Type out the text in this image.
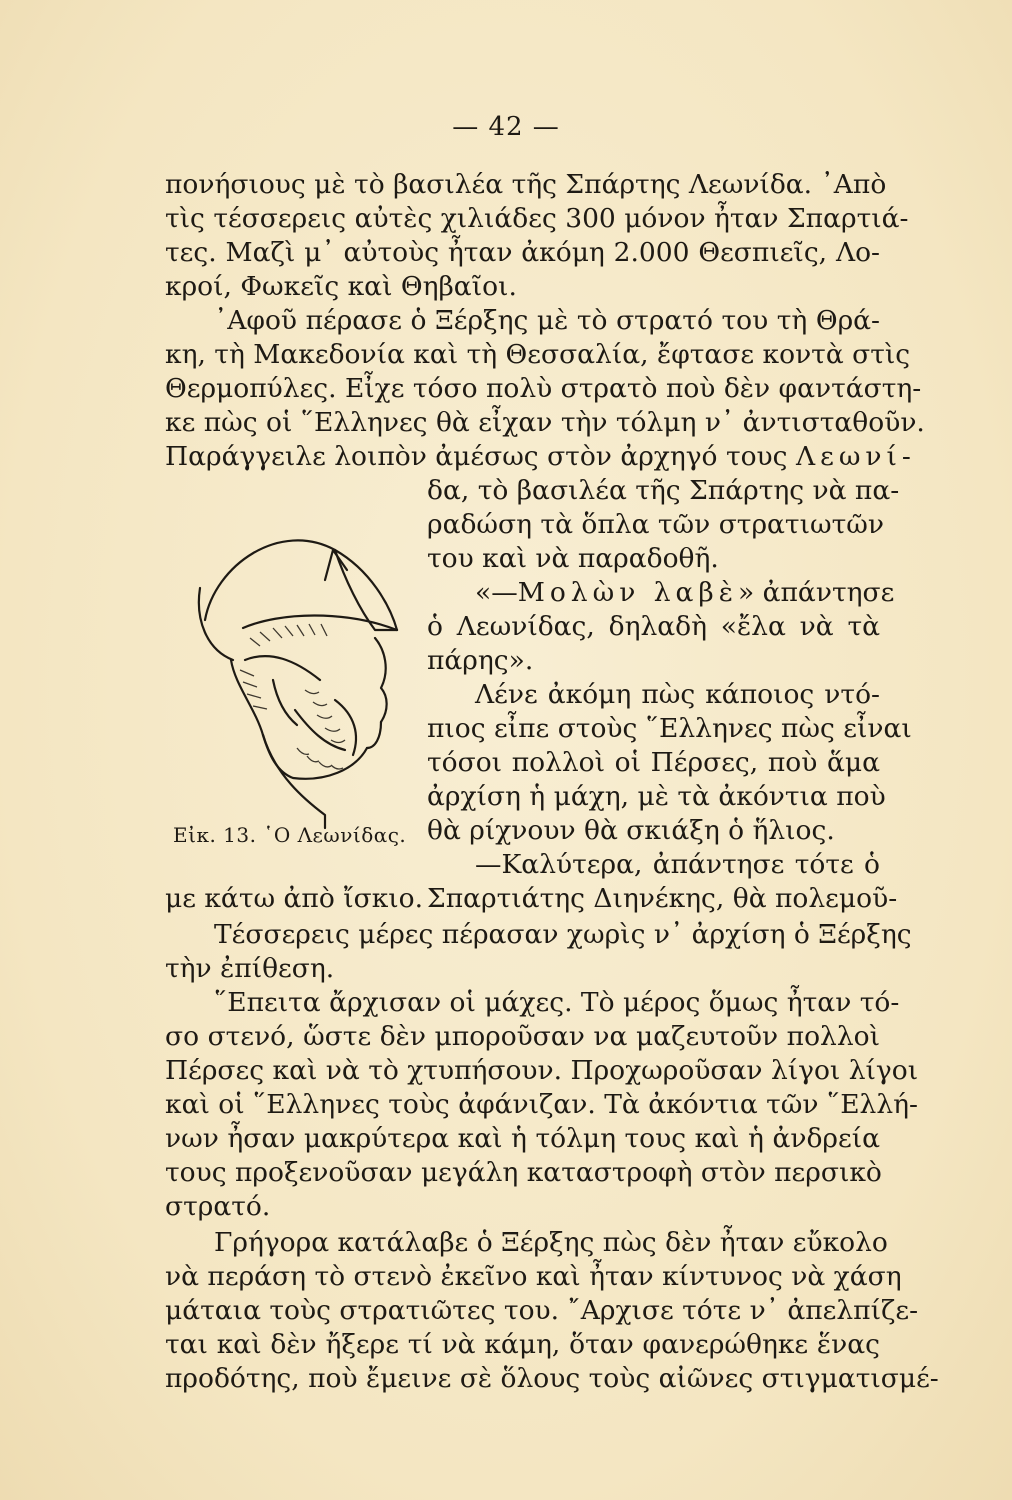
— 42 —
πονήσιους μὲ τὸ βασιλέα τῆς Σπάρτης Λεωνίδα. ᾽Απὸ
τὶς τέσσερεις αὐτὲς χιλιάδες 300 μόνον ἦταν Σπαρτιά-
τες. Μαζὶ μ᾽ αὐτοὺς ἦταν ἀκόμη 2.000 Θεσπιεῖς, Λο-
κροί, Φωκεῖς καὶ Θηβαῖοι.
᾽Αφοῦ πέρασε ὁ Ξέρξης μὲ τὸ στρατό του τὴ Θρά-
κη, τὴ Μακεδονία καὶ τὴ Θεσσαλία, ἔφτασε κοντὰ στὶς
Θερμοπύλες. Εἶχε τόσο πολὺ στρατὸ ποὺ δὲν φαντάστη-
κε πὼς οἱ ῞Ελληνες θὰ εἶχαν τὴν τόλμη ν᾽ ἀντισταθοῦν.
Παράγγειλε λοιπὸν ἀμέσως στὸν ἀρχηγό τους Λεωνί-
δα, τὸ βασιλέα τῆς Σπάρτης νὰ πα-
ραδώση τὰ ὅπλα τῶν στρατιωτῶν
του καὶ νὰ παραδοθῆ.
«—Μολὼν λαβὲ» ἀπάντησε
ὁ Λεωνίδας, δηλαδὴ «ἔλα νὰ τὰ
πάρης».
Λένε ἀκόμη πὼς κάποιος ντό-
πιος εἶπε στοὺς ῞Ελληνες πὼς εἶναι
τόσοι πολλοὶ οἱ Πέρσες, ποὺ ἅμα
ἀρχίση ἡ μάχη, μὲ τὰ ἀκόντια ποὺ
θὰ ρίχνουν θὰ σκιάξη ὁ ἥλιος.
—Καλύτερα, ἀπάντησε τότε ὁ
Σπαρτιάτης Διηνέκης, θὰ πολεμοῦ-
Εἰκ. 13. ῾Ο Λεωνίδας.
με κάτω ἀπὸ ἴσκιο.
Τέσσερεις μέρες πέρασαν χωρὶς ν᾽ ἀρχίση ὁ Ξέρξης
τὴν ἐπίθεση.
῞Επειτα ἄρχισαν οἱ μάχες. Τὸ μέρος ὅμως ἦταν τό-
σο στενό, ὥστε δὲν μποροῦσαν να μαζευτοῦν πολλοὶ
Πέρσες καὶ νὰ τὸ χτυπήσουν. Προχωροῦσαν λίγοι λίγοι
καὶ οἱ ῞Ελληνες τοὺς ἀφάνιζαν. Τὰ ἀκόντια τῶν ῞Ελλή-
νων ἦσαν μακρύτερα καὶ ἡ τόλμη τους καὶ ἡ ἀνδρεία
τους προξενοῦσαν μεγάλη καταστροφὴ στὸν περσικὸ
στρατό.
Γρήγορα κατάλαβε ὁ Ξέρξης πὼς δὲν ἦταν εὔκολο
νὰ περάση τὸ στενὸ ἐκεῖνο καὶ ἦταν κίντυνος νὰ χάση
μάταια τοὺς στρατιῶτες του. ῎Αρχισε τότε ν᾽ ἀπελπίζε-
ται καὶ δὲν ἤξερε τί νὰ κάμη, ὅταν φανερώθηκε ἕνας
προδότης, ποὺ ἔμεινε σὲ ὅλους τοὺς αἰῶνες στιγματισμέ-
